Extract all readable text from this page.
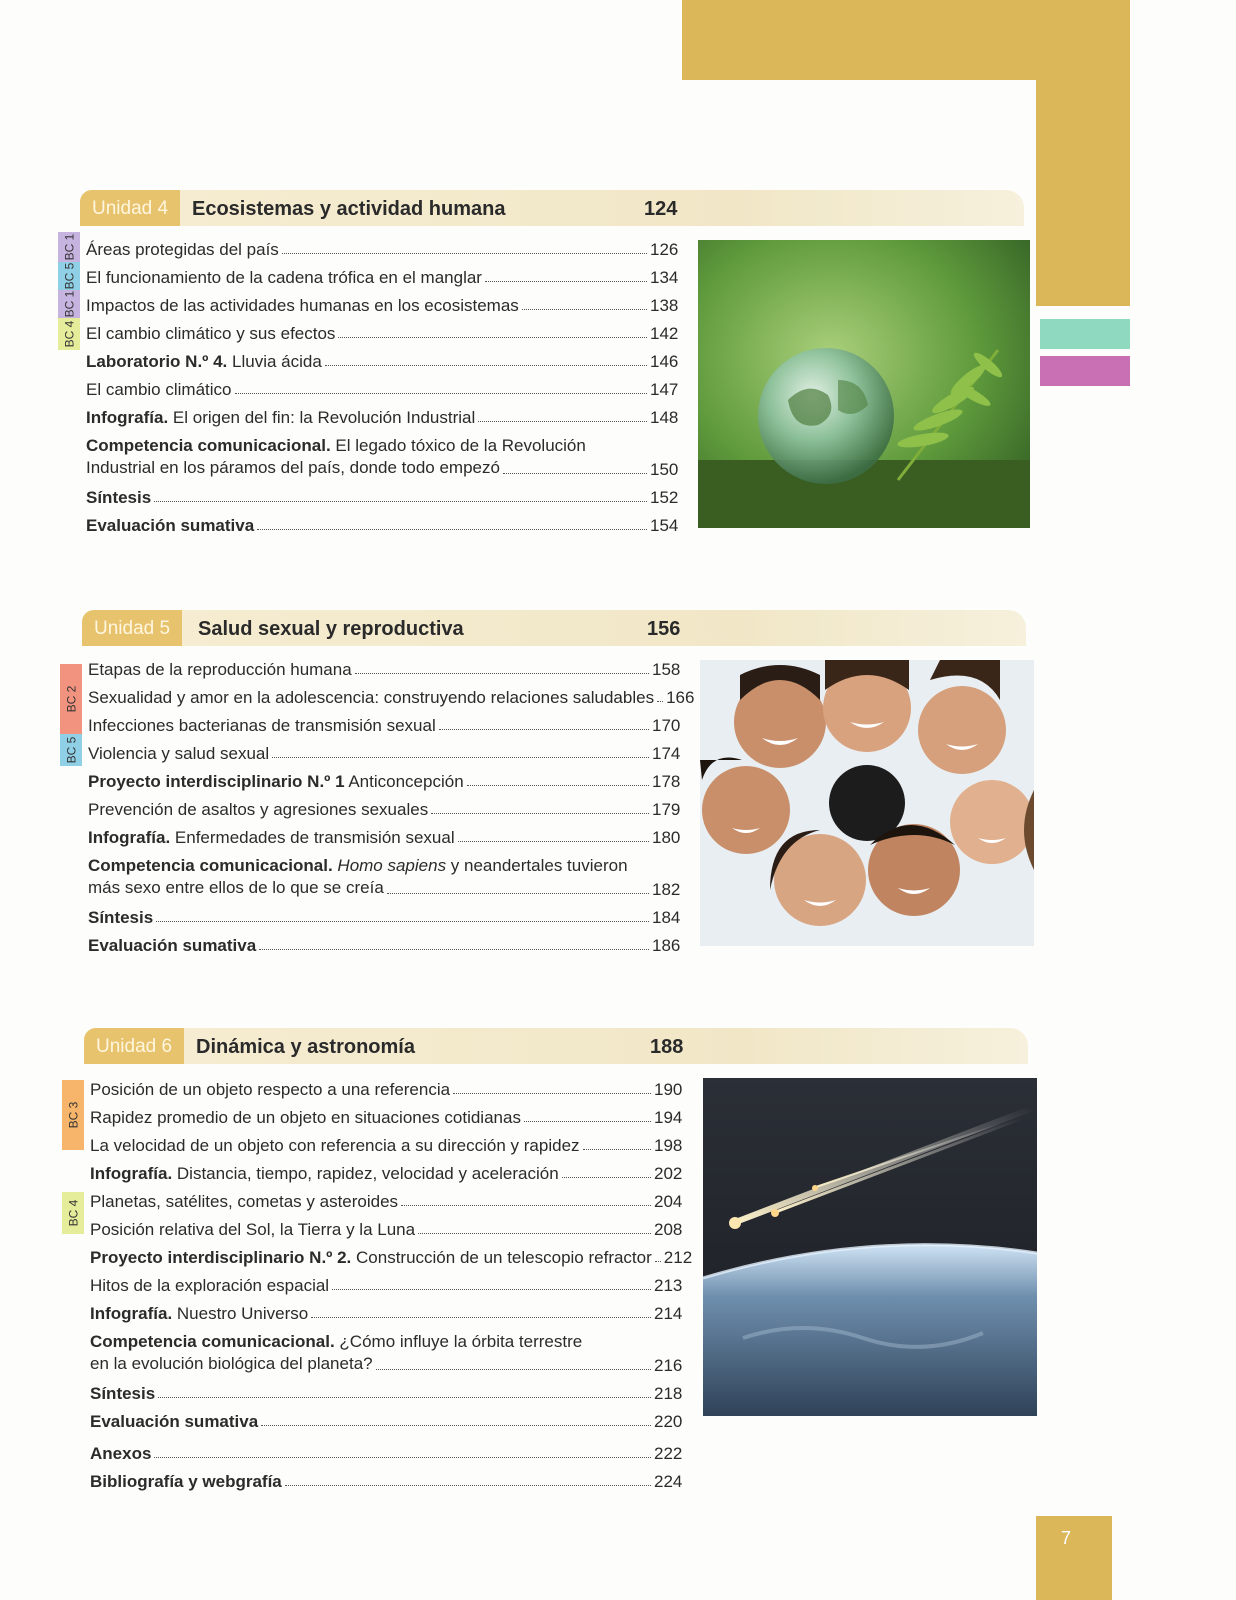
7
Unidad 4	Ecosistemas y actividad humana	124
BC 1
BC 5
BC 1
BC 4
Áreas protegidas del país	126
El funcionamiento de la cadena trófica en el manglar	134
Impactos de las actividades humanas en los ecosistemas	138
El cambio climático y sus efectos	142
Laboratorio N.º 4. Lluvia ácida	146
El cambio climático	147
Infografía. El origen del fin: la Revolución Industrial	148
Competencia comunicacional. El legado tóxico de la Revolución
Industrial en los páramos del país, donde todo empezó	150
Síntesis	152
Evaluación sumativa	154
Unidad 5	Salud sexual y reproductiva	156
BC 2
BC 5
Etapas de la reproducción humana	158
Sexualidad y amor en la adolescencia: construyendo relaciones saludables 166
Infecciones bacterianas de transmisión sexual	170
Violencia y salud sexual	174
Proyecto interdisciplinario N.º 1 Anticoncepción	178
Prevención de asaltos y agresiones sexuales	179
Infografía. Enfermedades de transmisión sexual	180
Competencia comunicacional. Homo sapiens y neandertales tuvieron
más sexo entre ellos de lo que se creía	182
Síntesis	184
Evaluación sumativa	186
Unidad 6	Dinámica y astronomía	188
BC 3
BC 4
Posición de un objeto respecto a una referencia	190
Rapidez promedio de un objeto en situaciones cotidianas	194
La velocidad de un objeto con referencia a su dirección y rapidez	198
Infografía. Distancia, tiempo, rapidez, velocidad y aceleración	202
Planetas, satélites, cometas y asteroides	204
Posición relativa del Sol, la Tierra y la Luna	208
Proyecto interdisciplinario N.º 2. Construcción de un telescopio refractor 212
Hitos de la exploración espacial	213
Infografía. Nuestro Universo	214
Competencia comunicacional. ¿Cómo influye la órbita terrestre
en la evolución biológica del planeta?	216
Síntesis	218
Evaluación sumativa	220
Anexos	222
Bibliografía y webgrafía	224
